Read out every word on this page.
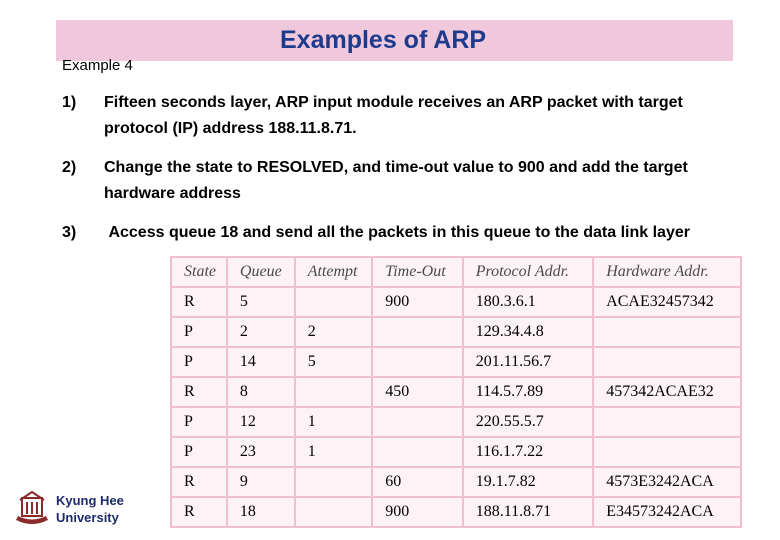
Examples of ARP
Example 4
1) Fifteen seconds layer, ARP input module receives an ARP packet with target protocol (IP) address 188.11.8.71.
2) Change the state to RESOLVED, and time-out value to 900 and add the target hardware address
3) Access queue 18 and send all the packets in this queue to the data link layer
State	Queue	Attempt	Time-Out	Protocol Addr.	Hardware Addr.
R	5		900	180.3.6.1	ACAE32457342
P	2	2		129.34.4.8	
P	14	5		201.11.56.7	
R	8		450	114.5.7.89	457342ACAE32
P	12	1		220.55.5.7	
P	23	1		116.1.7.22	
R	9		60	19.1.7.82	4573E3242ACA
R	18		900	188.11.8.71	E34573242ACA
Kyung Hee
University
